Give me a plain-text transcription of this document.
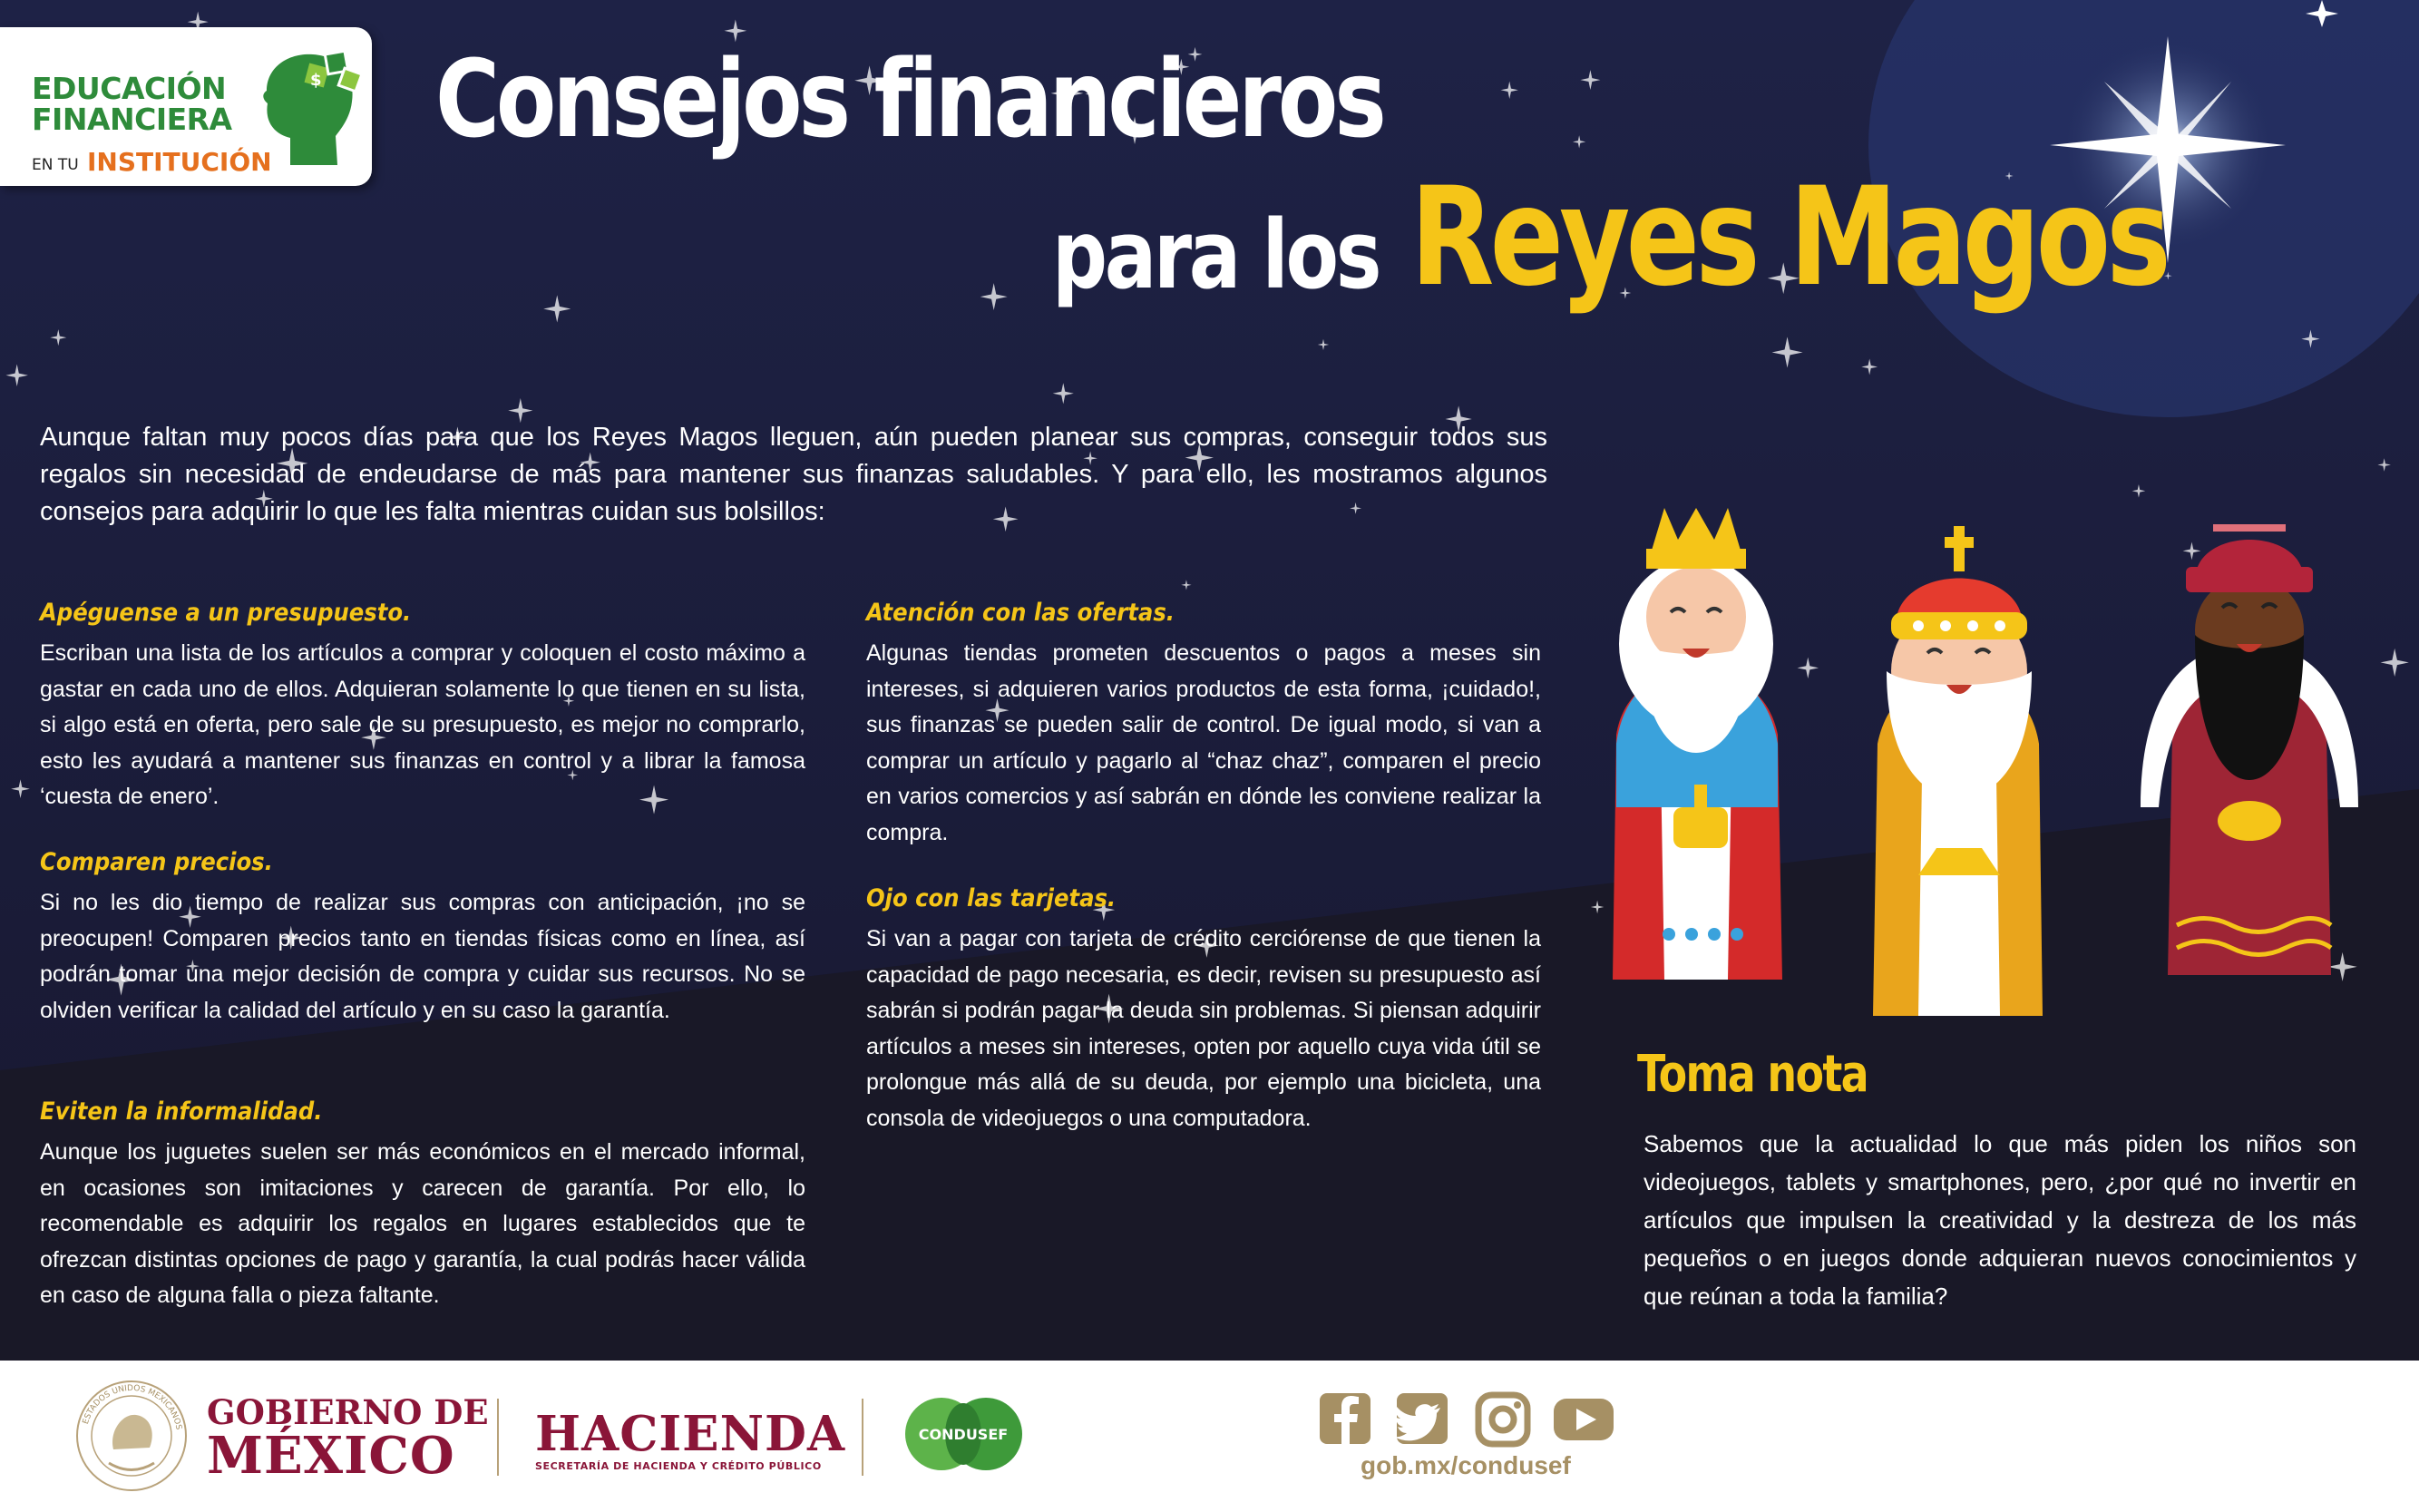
EDUCACIÓN
FINANCIERA
EN TU INSTITUCIÓN
$ Consejos financieros
para los Reyes Magos

Aunque faltan muy pocos días para que los Reyes Magos lleguen, aún pueden planear sus compras, conseguir todos sus regalos sin necesidad de endeudarse de más para mantener sus finanzas saludables. Y para ello, les mostramos algunos consejos para adquirir lo que les falta mientras cuidan sus bolsillos:

Apéguense a un presupuesto.

Escriban una lista de los artículos a comprar y coloquen el costo máximo a gastar en cada uno de ellos. Adquieran solamente lo que tienen en su lista, si algo está en oferta, pero sale de su presupuesto, es mejor no comprarlo, esto les ayudará a mantener sus finanzas en control y a librar la famosa ‘cuesta de enero’.

Comparen precios.

Si no les dio tiempo de realizar sus compras con anticipación, ¡no se preocupen! Comparen precios tanto en tiendas físicas como en línea, así podrán tomar una mejor decisión de compra y cuidar sus recursos. No se olviden verificar la calidad del artículo y en su caso la garantía.

Eviten la informalidad.

Aunque los juguetes suelen ser más económicos en el mercado informal, en ocasiones son imitaciones y carecen de garantía. Por ello, lo recomendable es adquirir los regalos en lugares establecidos que te ofrezcan distintas opciones de pago y garantía, la cual podrás hacer válida en caso de alguna falla o pieza faltante.

Atención con las ofertas.

Algunas tiendas prometen descuentos o pagos a meses sin intereses, si adquieren varios productos de esta forma, ¡cuidado!, sus finanzas se pueden salir de control. De igual modo, si van a comprar un artículo y pagarlo al “chaz chaz”, comparen el precio en varios comercios y así sabrán en dónde les conviene realizar la compra.

Ojo con las tarjetas.

Si van a pagar con tarjeta de crédito cerciórense de que tienen la capacidad de pago necesaria, es decir, revisen su presupuesto así sabrán si podrán pagar la deuda sin problemas. Si piensan adquirir artículos a meses sin intereses, opten por aquello cuya vida útil se prolongue más allá de su deuda, por ejemplo una bicicleta, una consola de videojuegos o una computadora.

Toma nota

Sabemos que la actualidad lo que más piden los niños son videojuegos, tablets y smartphones, pero, ¿por qué no invertir en artículos que impulsen la creatividad y la destreza de los más pequeños o en juegos donde adquieran nuevos conocimientos y que reúnan a toda la familia?

ESTADOS UNIDOS MEXICANOS GOBIERNO DE
MÉXICO HACIENDA
SECRETARÍA DE HACIENDA Y CRÉDITO PÚBLICO
CONDUSEF
gob.mx/condusef
